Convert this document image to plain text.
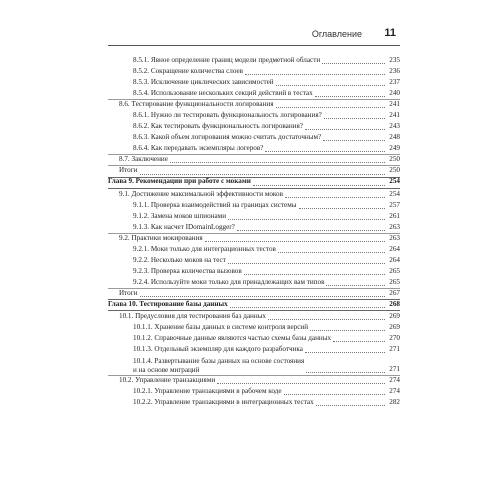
Оглавление 11
8.5.1. Явное определение границ модели предметной области	235
8.5.2. Сокращение количества слоев	236
8.5.3. Исключение циклических зависимостей	237
8.5.4. Использование нескольких секций действий в тестах	240
8.6. Тестирование функциональности логирования	241
8.6.1. Нужно ли тестировать функциональность логирования?	241
8.6.2. Как тестировать функциональность логирования?	243
8.6.3. Какой объем логирования можно считать достаточным?	248
8.6.4. Как передавать экземпляры логеров?	249
8.7. Заключение	250
Итоги	250
Глава 9. Рекомендации при работе с моками	254
9.1. Достижение максимальной эффективности моков	254
9.1.1. Проверка взаимодействий на границах системы	257
9.1.2. Замена моков шпионами	261
9.1.3. Как насчет IDomainLogger?	263
9.2. Практики мокирования	263
9.2.1. Моки только для интеграционных тестов	264
9.2.2. Несколько моков на тест	264
9.2.3. Проверка количества вызовов	265
9.2.4. Используйте моки только для принадлежащих вам типов	265
Итоги	267
Глава 10. Тестирование базы данных	268
10.1. Предусловия для тестирования баз данных	269
10.1.1. Хранение базы данных в системе контроля версий	269
10.1.2. Справочные данные являются частью схемы базы данных	270
10.1.3. Отдельный экземпляр для каждого разработчика	271
10.1.4. Развертывание базы данных на основе состояния
и на основе миграций	271
10.2. Управление транзакциями	274
10.2.1. Управление транзакциями в рабочем коде	274
10.2.2. Управление транзакциями в интеграционных тестах	282
